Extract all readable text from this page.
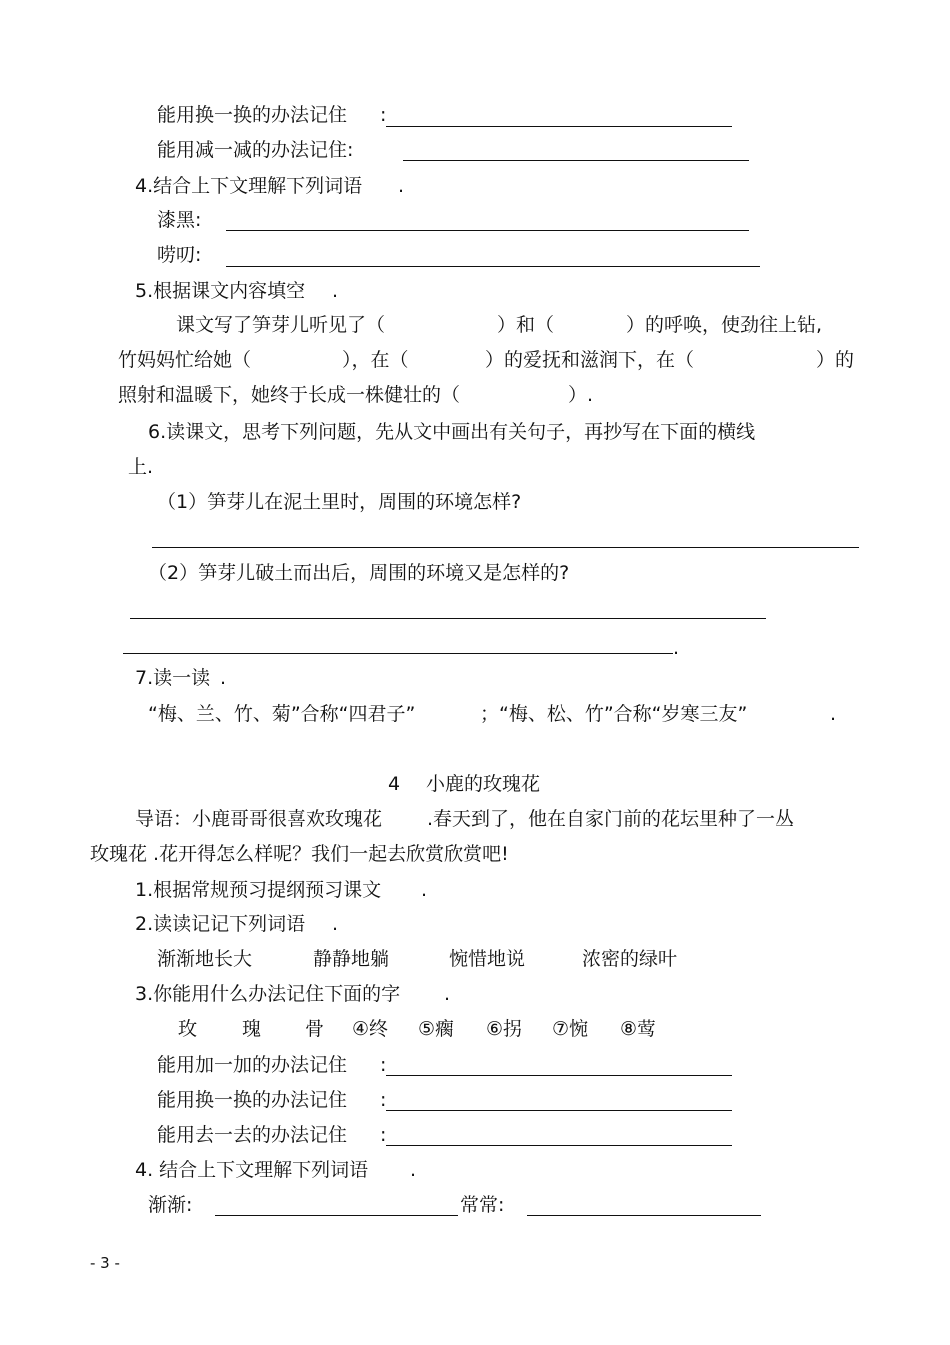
能用换一换的办法记住 :
能用减一减的办法记住:
4.结合上下文理解下列词语 .
漆黑:
唠叨:
5.根据课文内容填空 .
课文写了笋芽儿听见了（	）和（	）的呼唤，使劲往上钻,
竹妈妈忙给她（	），在（	）的爱抚和滋润下，在（	）的
照射和温暖下，她终于长成一株健壮的（	）.
6.读课文，思考下列问题，先从文中画出有关句子，再抄写在下面的横线
上.
（1）笋芽儿在泥土里时，周围的环境怎样?
（2）笋芽儿破土而出后，周围的环境又是怎样的?
.
7.读一读 .
“梅、兰、竹、菊”合称“四君子”	；“梅、松、竹”合称“岁寒三友”	.
4 小鹿的玫瑰花
导语：小鹿哥哥很喜欢玫瑰花 .春天到了，他在自家门前的花坛里种了一丛
玫瑰花 .花开得怎么样呢？我们一起去欣赏欣赏吧!
1.根据常规预习提纲预习课文 .
2.读读记记下列词语 .
渐渐地长大	静静地躺	惋惜地说	浓密的绿叶
3.你能用什么办法记住下面的字 .
玫 瑰 骨 ④终 ⑤瘸 ⑥拐 ⑦惋 ⑧莺
能用加一加的办法记住 :
能用换一换的办法记住 :
能用去一去的办法记住 :
4. 结合上下文理解下列词语 .
渐渐:	常常:
- 3 -
